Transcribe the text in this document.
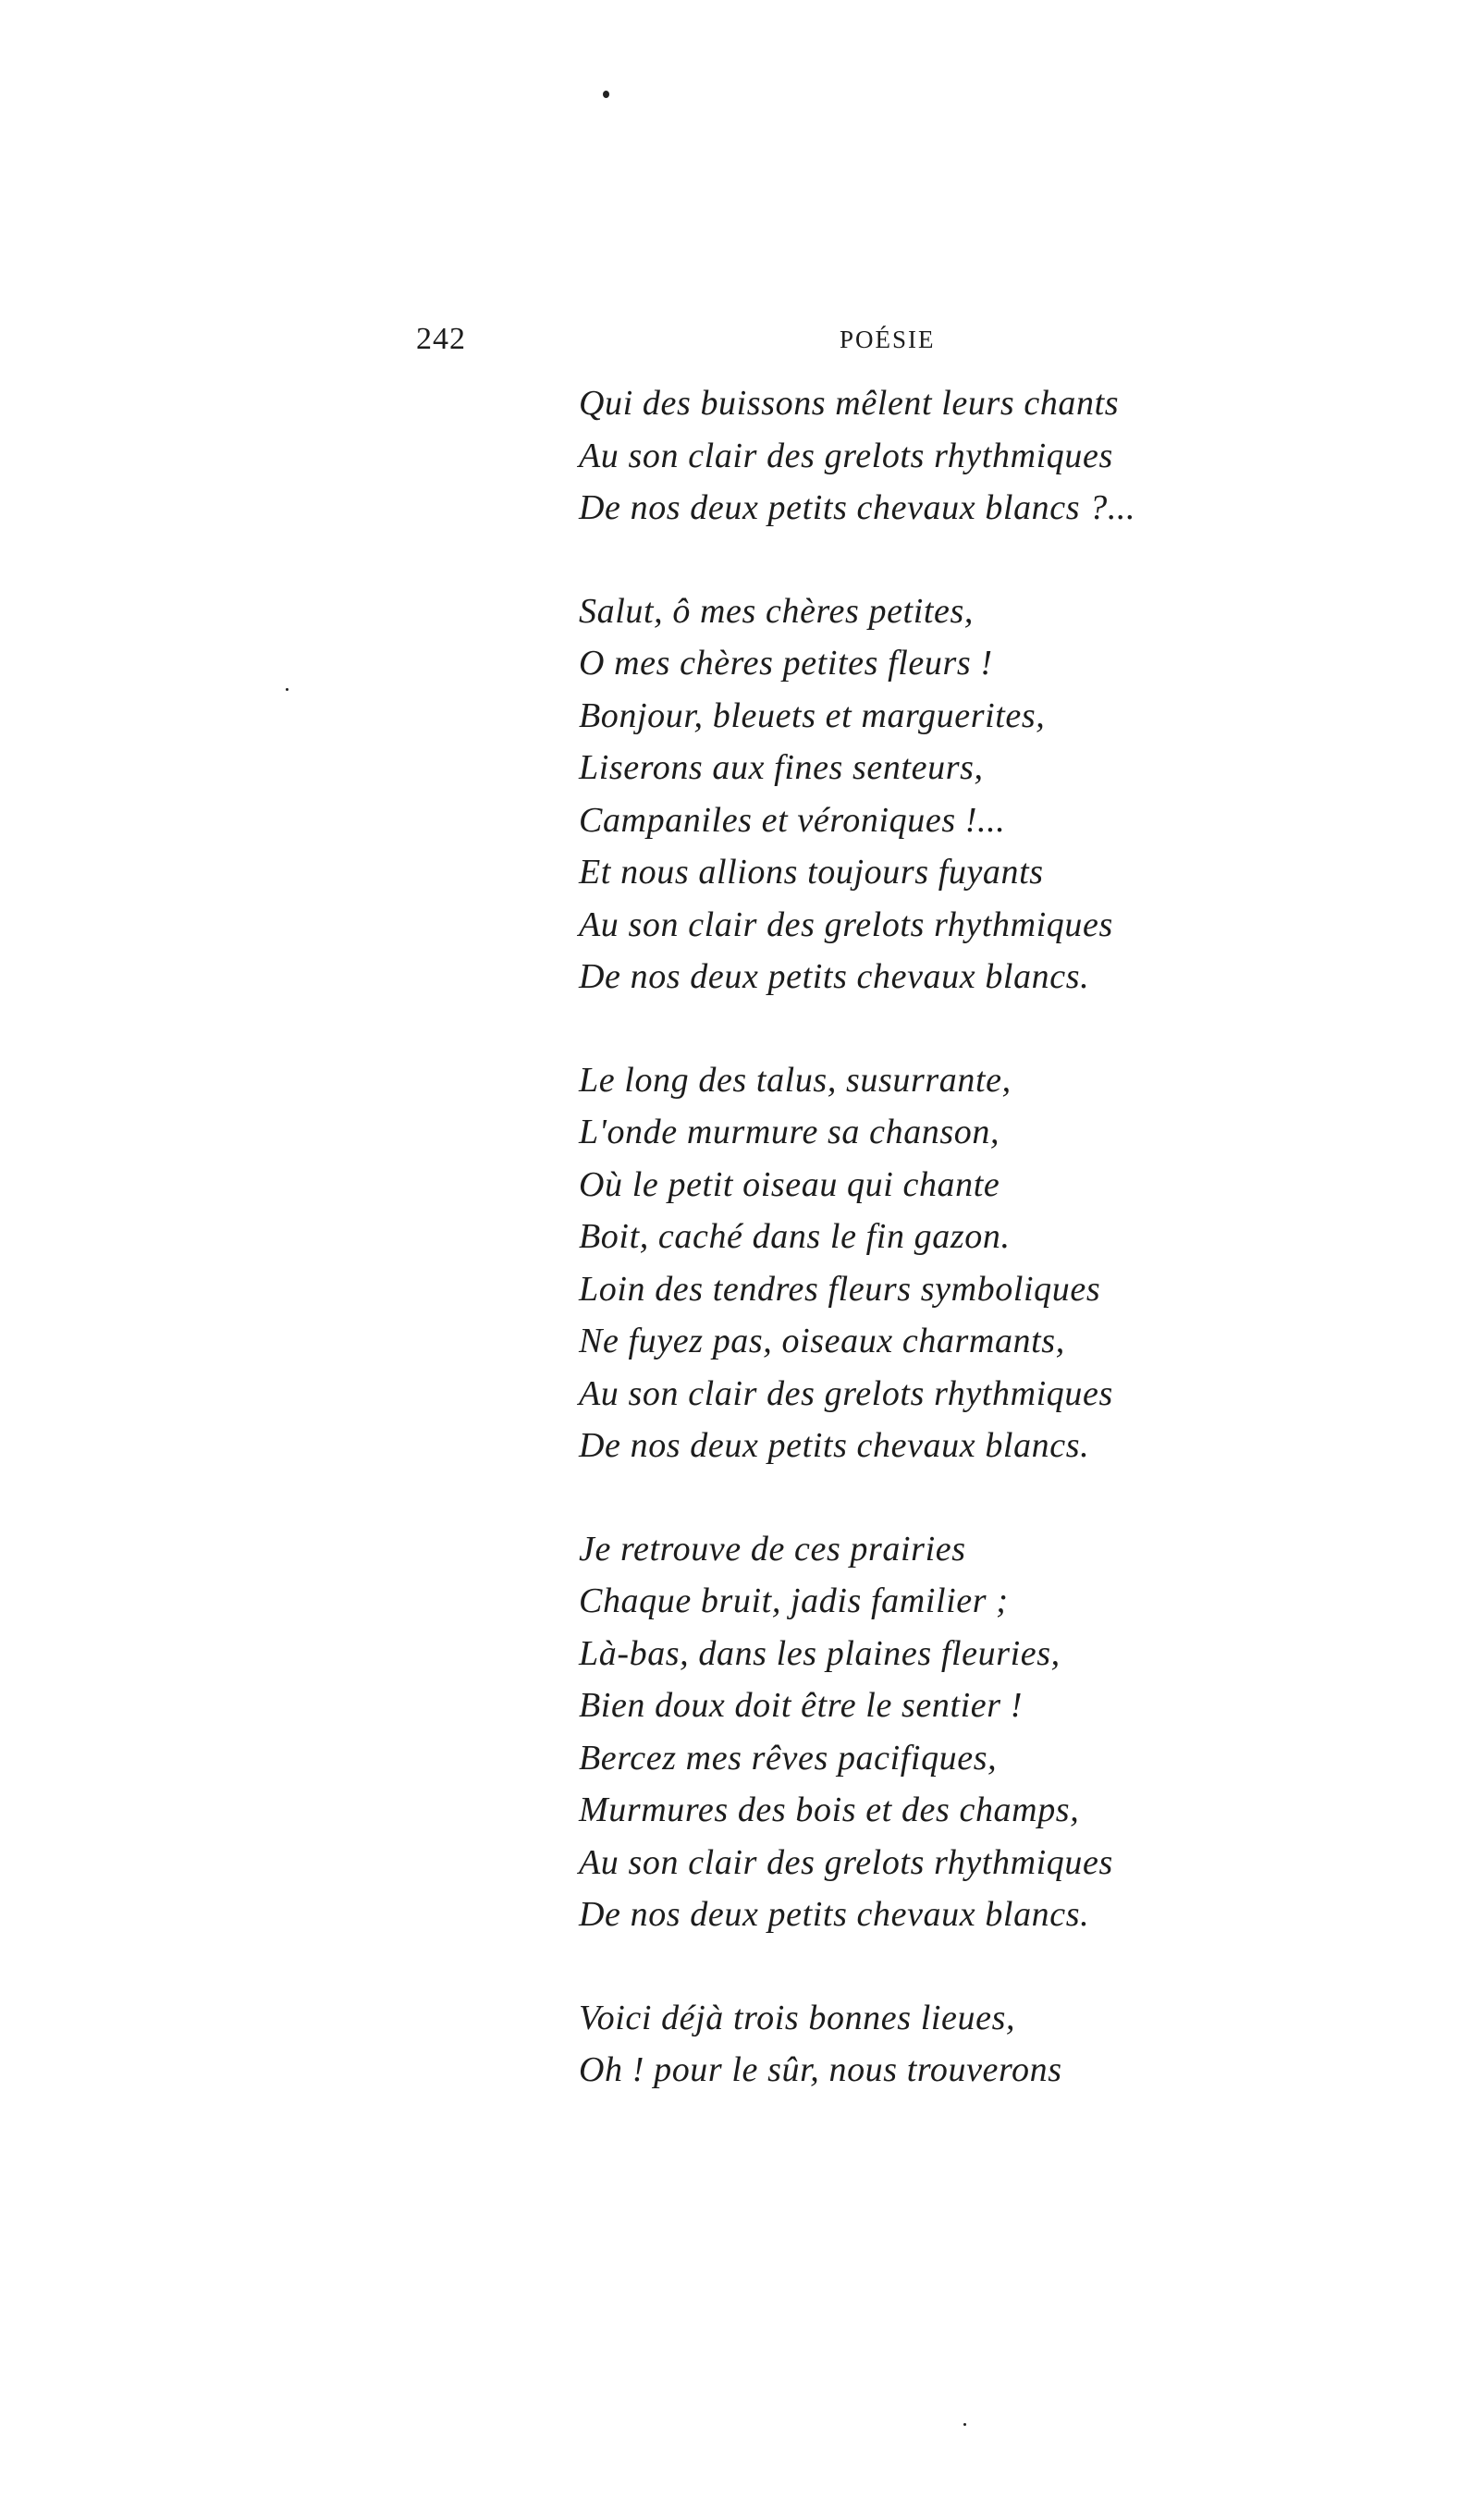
242	POÉSIE
Qui des buissons mêlent leurs chants
Au son clair des grelots rhythmiques
De nos deux petits chevaux blancs ?...
Salut, ô mes chères petites,
O mes chères petites fleurs !
Bonjour, bleuets et marguerites,
Liserons aux fines senteurs,
Campaniles et véroniques !...
Et nous allions toujours fuyants
Au son clair des grelots rhythmiques
De nos deux petits chevaux blancs.
Le long des talus, susurrante,
L'onde murmure sa chanson,
Où le petit oiseau qui chante
Boit, caché dans le fin gazon.
Loin des tendres fleurs symboliques
Ne fuyez pas, oiseaux charmants,
Au son clair des grelots rhythmiques
De nos deux petits chevaux blancs.
Je retrouve de ces prairies
Chaque bruit, jadis familier ;
Là-bas, dans les plaines fleuries,
Bien doux doit être le sentier !
Bercez mes rêves pacifiques,
Murmures des bois et des champs,
Au son clair des grelots rhythmiques
De nos deux petits chevaux blancs.
Voici déjà trois bonnes lieues,
Oh ! pour le sûr, nous trouverons
